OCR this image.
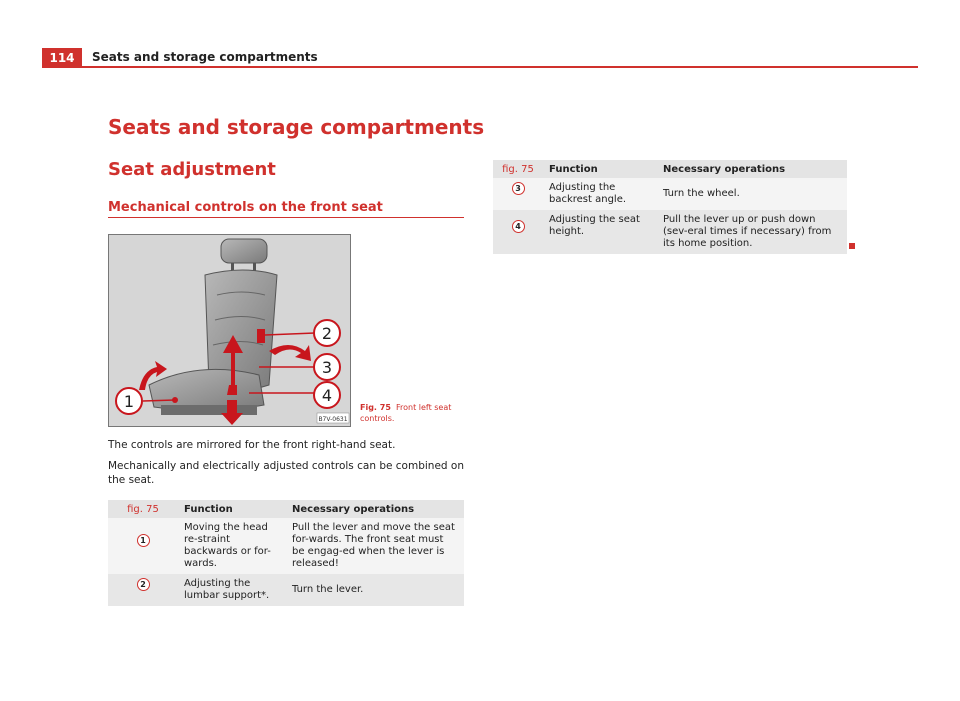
114	Seats and storage compartments
Seats and storage compartments
Seat adjustment
Mechanical controls on the front seat
1
2
3
4
B7V-0631
Fig. 75 Front left seat
controls.
The controls are mirrored for the front right-hand seat.
Mechanically and electrically adjusted controls can be combined on the seat.
fig. 75	Function	Necessary operations
1	Moving the head re-straint backwards or for-wards.	Pull the lever and move the seat for-wards. The front seat must be engag-ed when the lever is released!
2	Adjusting the lumbar support*.	Turn the lever.
fig. 75	Function	Necessary operations
3	Adjusting the backrest angle.	Turn the wheel.
4	Adjusting the seat height.	Pull the lever up or push down (sev-eral times if necessary) from its home position.
